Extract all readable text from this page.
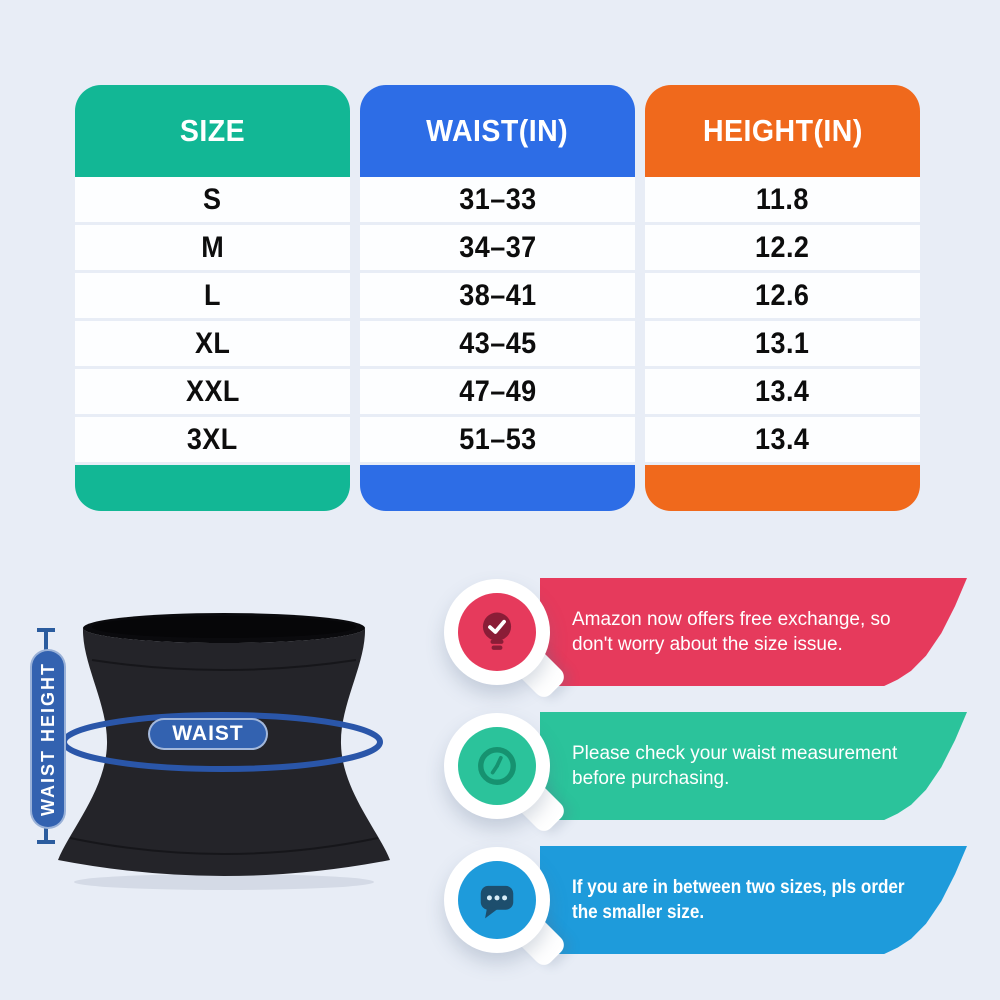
SIZE
S
M
L
XL
XXL
3XL
WAIST(IN)
31–33
34–37
38–41
43–45
47–49
51–53
HEIGHT(IN)
11.8
12.2
12.6
13.1
13.4
13.4
WAIST HEIGHT	WAIST
Amazon now offers free exchange, so don't worry about the size issue.
Please check your waist measurement before purchasing.
If you are in between two sizes, pls order the smaller size.
